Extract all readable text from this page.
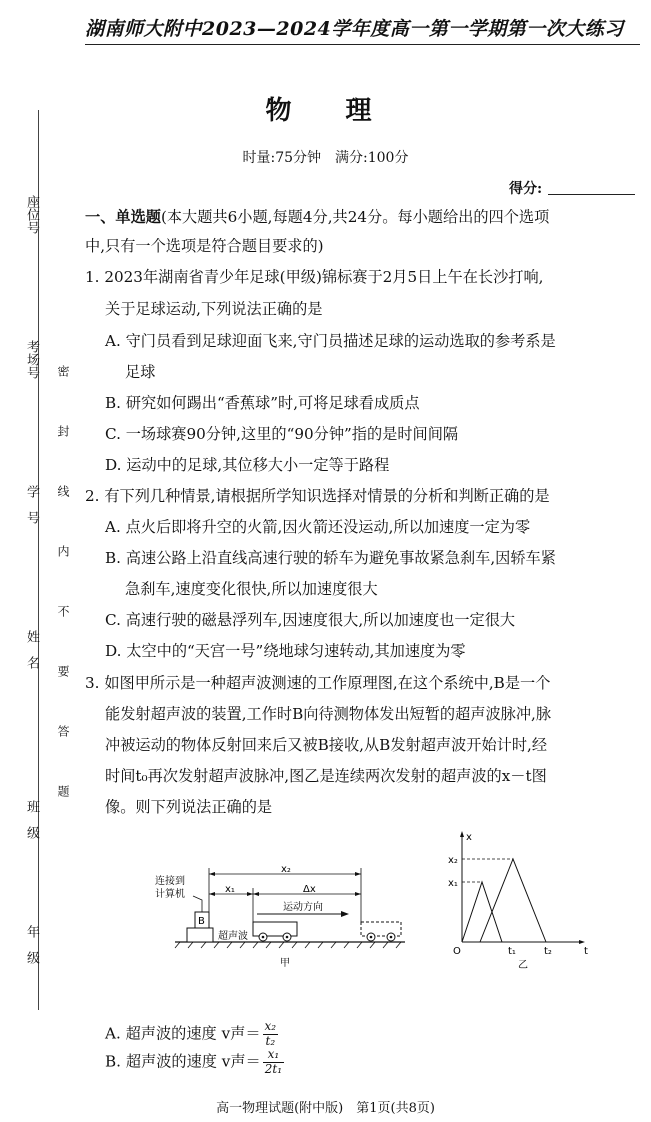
座位号
考场号
学　号
姓　名
班　级
年　级
密　封　线　内　不　要　答　题
湖南师大附中2023—2024学年度高一第一学期第一次大练习
物　理
时量:75分钟　满分:100分
得分:
一、单选题(本大题共6小题,每题4分,共24分。每小题给出的四个选项
中,只有一个选项是符合题目要求的)
1. 2023年湖南省青少年足球(甲级)锦标赛于2月5日上午在长沙打响,
关于足球运动,下列说法正确的是
A. 守门员看到足球迎面飞来,守门员描述足球的运动选取的参考系是
足球
B. 研究如何踢出“香蕉球”时,可将足球看成质点
C. 一场球赛90分钟,这里的“90分钟”指的是时间间隔
D. 运动中的足球,其位移大小一定等于路程
2. 有下列几种情景,请根据所学知识选择对情景的分析和判断正确的是
A. 点火后即将升空的火箭,因火箭还没运动,所以加速度一定为零
B. 高速公路上沿直线高速行驶的轿车为避免事故紧急刹车,因轿车紧
急刹车,速度变化很快,所以加速度很大
C. 高速行驶的磁悬浮列车,因速度很大,所以加速度也一定很大
D. 太空中的“天宫一号”绕地球匀速转动,其加速度为零
3. 如图甲所示是一种超声波测速的工作原理图,在这个系统中,B是一个
能发射超声波的装置,工作时B向待测物体发出短暂的超声波脉冲,脉
冲被运动的物体反射回来后又被B接收,从B发射超声波开始计时,经
时间t₀再次发射超声波脉冲,图乙是连续两次发射的超声波的x－t图
像。则下列说法正确的是
连接到
计算机
B
x₂
x₁	Δx
运动方向
超声波
甲
x
t
O
x₂
x₁
t₁	t₂
乙
A. 超声波的速度 v声＝ $\frac{\text{x₂}}{\text{t₂}}$
B. 超声波的速度 v声＝ $\frac{\text{x₁}}{\text{2t₁}}$
高一物理试题(附中版)　第1页(共8页)
